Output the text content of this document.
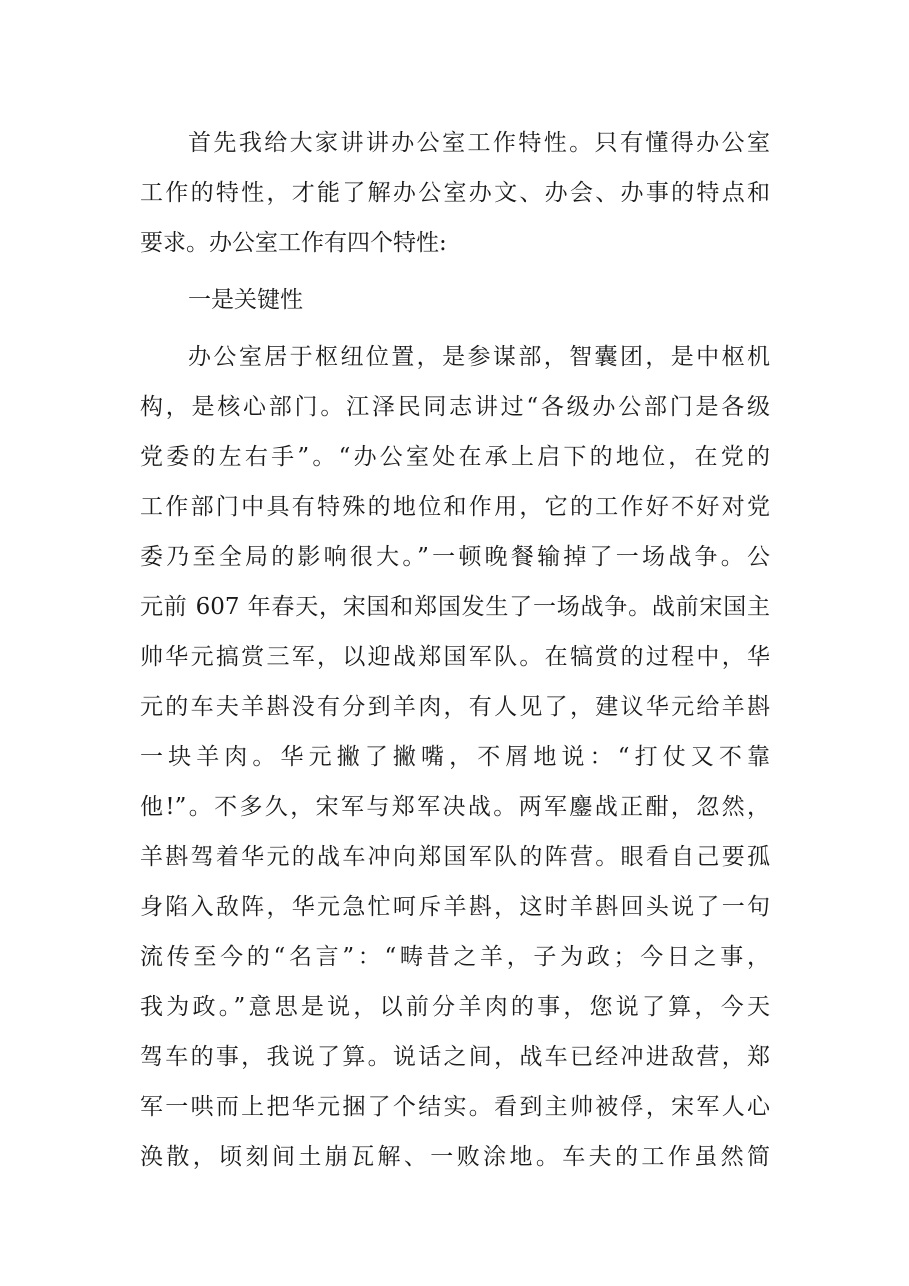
首先我给大家讲讲办公室工作特性。只有懂得办公室
工作的特性，才能了解办公室办文、办会、办事的特点和
要求。办公室工作有四个特性:
一是关键性
办公室居于枢纽位置，是参谋部，智囊团，是中枢机
构，是核心部门。江泽民同志讲过“各级办公部门是各级
党委的左右手”。“办公室处在承上启下的地位，在党的
工作部门中具有特殊的地位和作用，它的工作好不好对党
委乃至全局的影响很大。”一顿晚餐输掉了一场战争。公
元前 607 年春天，宋国和郑国发生了一场战争。战前宋国主
帅华元搞赏三军，以迎战郑国军队。在犒赏的过程中，华
元的车夫羊斟没有分到羊肉，有人见了，建议华元给羊斟
一块羊肉。华元撇了撇嘴，不屑地说：“打仗又不靠
他!”。不多久，宋军与郑军决战。两军鏖战正酣，忽然，
羊斟驾着华元的战车冲向郑国军队的阵营。眼看自己要孤
身陷入敌阵，华元急忙呵斥羊斟，这时羊斟回头说了一句
流传至今的“名言”：“畴昔之羊，子为政；今日之事，
我为政。”意思是说，以前分羊肉的事，您说了算，今天
驾车的事，我说了算。说话之间，战车已经冲进敌营，郑
军一哄而上把华元捆了个结实。看到主帅被俘，宋军人心
涣散，顷刻间土崩瓦解、一败涂地。车夫的工作虽然简
